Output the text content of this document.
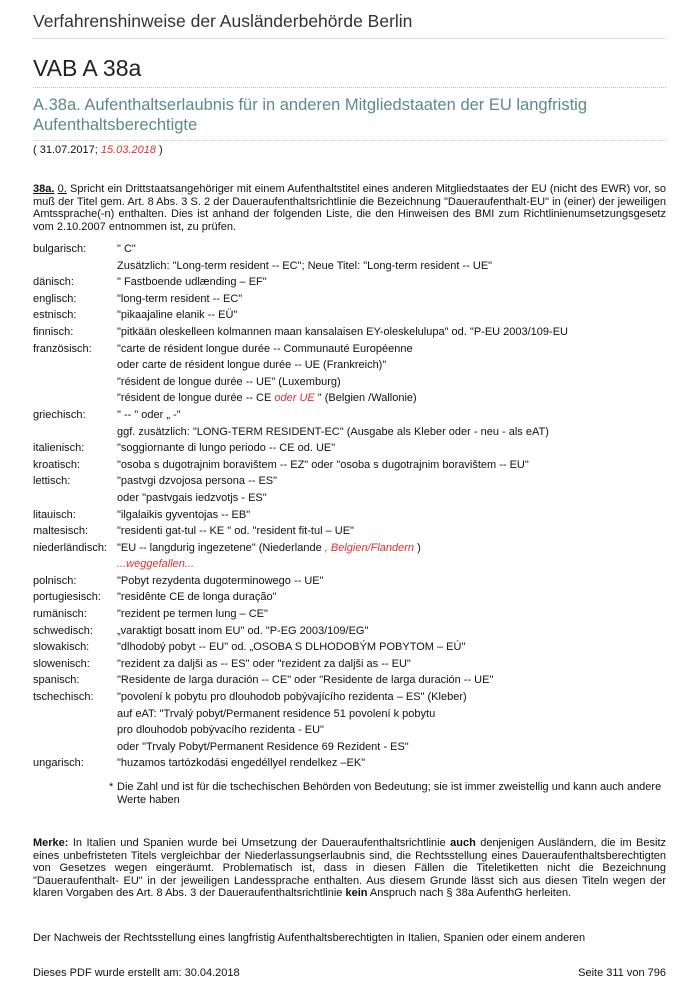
Verfahrenshinweise der Ausländerbehörde Berlin
VAB A 38a
A.38a. Aufenthaltserlaubnis für in anderen Mitgliedstaaten der EU langfristig Aufenthaltsberechtigte
( 31.07.2017; 15.03.2018 )
38a. 0. Spricht ein Drittstaatsangehöriger mit einem Aufenthaltstitel eines anderen Mitgliedstaates der EU (nicht des EWR) vor, so muß der Titel gem. Art. 8 Abs. 3 S. 2 der Daueraufenthaltsrichtlinie die Bezeichnung "Daueraufenthalt-EU" in (einer) der jeweiligen Amtssprache(-n) enthalten. Dies ist anhand der folgenden Liste, die den Hinweisen des BMI zum Richtlinienumsetzungsgesetz vom 2.10.2007 entnommen ist, zu prüfen.
bulgarisch:	" C"
Zusätzlich: "Long-term resident -- EC"; Neue Titel: "Long-term resident -- UE"
dänisch:	" Fastboende udlænding – EF"
englisch:	"long-term resident -- EC"
estnisch:	"pikaajaline elanik -- EÜ"
finnisch:	"pitkään oleskelleen kolmannen maan kansalaisen EY-oleskelulupa" od. "P-EU 2003/109-EU
französisch:	"carte de résident longue durée -- Communauté Européenne
oder carte de résident longue durée -- UE (Frankreich)"
"résident de longue durée -- UE" (Luxemburg)
"résident de longue durée -- CE oder UE " (Belgien /Wallonie)
griechisch:	" -- " oder „ -"
ggf. zusätzlich: "LONG-TERM RESIDENT-EC" (Ausgabe als Kleber oder - neu - als eAT)
italienisch:	"soggiornante di lungo periodo -- CE od. UE"
kroatisch:	"osoba s dugotrajnim boravištem -- EZ" oder "osoba s dugotrajnim boravištem -- EU"
lettisch:	"pastvgi dzvojosa persona -- ES"
oder "pastvgais iedzvotjs - ES"
litauisch:	"ilgalaikis gyventojas -- EB"
maltesisch:	"residenti gat-tul -- KE " od. "resident fit-tul – UE"
niederländisch: "EU -- langdurig ingezetene" (Niederlande , Belgien/Flandern )
...weggefallen...
polnisch:	"Pobyt rezydenta dugoterminowego -- UE"
portugiesisch:	"residênte CE de longa duração"
rumänisch:	"rezident pe termen lung – CE"
schwedisch:	„varaktigt bosatt inom EU" od. "P-EG 2003/109/EG"
slowakisch:	"dlhodobý pobyt -- EU" od. „OSOBA S DLHODOBÝM POBYTOM – EÚ"
slowenisch:	"rezident za daljši as -- ES" oder "rezident za daljši as -- EU"
spanisch:	"Residente de larga duración -- CE" oder "Residente de larga duración -- UE"
tschechisch:	"povolení k pobytu pro dlouhodob pobývajícího rezidenta – ES" (Kleber)
auf eAT: "Trvalý pobyt/Permanent residence 51 povolení k pobytu
pro dlouhodob pobývacího rezidenta - EU"
oder "Trvaly Pobyt/Permanent Residence 69 Rezident - ES"
ungarisch:	"huzamos tartózkodási engedéllyel rendelkez –EK"
* Die Zahl und ist für die tschechischen Behörden von Bedeutung; sie ist immer zweistellig und kann auch andere Werte haben
Merke: In Italien und Spanien wurde bei Umsetzung der Daueraufenthaltsrichtlinie auch denjenigen Ausländern, die im Besitz eines unbefristeten Titels vergleichbar der Niederlassungserlaubnis sind, die Rechtsstellung eines Daueraufenthaltsberechtigten von Gesetzes wegen eingeräumt. Problematisch ist, dass in diesen Fällen die Titeletiketten nicht die Bezeichnung "Daueraufenthalt- EU" in der jeweiligen Landessprache enthalten. Aus diesem Grunde lässt sich aus diesen Titeln wegen der klaren Vorgaben des Art. 8 Abs. 3 der Daueraufenthaltsrichtlinie kein Anspruch nach § 38a AufenthG herleiten.
Der Nachweis der Rechtsstellung eines langfristig Aufenthaltsberechtigten in Italien, Spanien oder einem anderen
Dieses PDF wurde erstellt am: 30.04.2018	Seite 311 von 796
